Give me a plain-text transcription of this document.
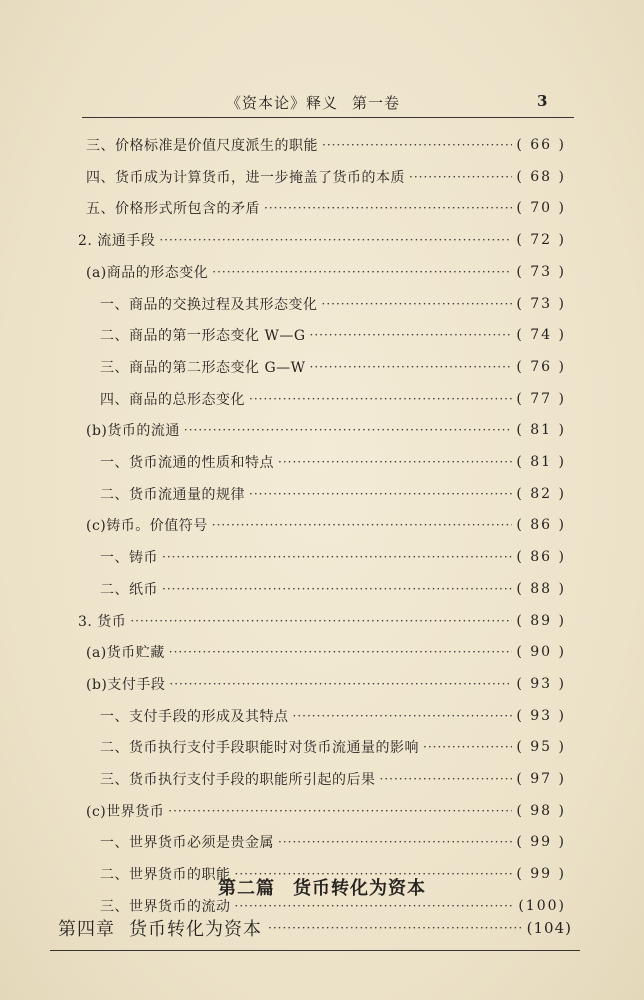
《资本论》释义 第一卷	3
三、价格标准是价值尺度派生的职能 ·····	( 66 )
四、货币成为计算货币，进一步掩盖了货币的本质 ·····	( 68 )
五、价格形式所包含的矛盾 ·····	( 70 )
2. 流通手段 ·····	( 72 )
(a)商品的形态变化 ·····	( 73 )
一、商品的交换过程及其形态变化 ·····	( 73 )
二、商品的第一形态变化 W—G ·····	( 74 )
三、商品的第二形态变化 G—W ·····	( 76 )
四、商品的总形态变化 ·····	( 77 )
(b)货币的流通 ·····	( 81 )
一、货币流通的性质和特点 ·····	( 81 )
二、货币流通量的规律 ·····	( 82 )
(c)铸币。价值符号 ·····	( 86 )
一、铸币 ·····	( 86 )
二、纸币 ·····	( 88 )
3. 货币 ·····	( 89 )
(a)货币贮藏 ·····	( 90 )
(b)支付手段 ·····	( 93 )
一、支付手段的形成及其特点 ·····	( 93 )
二、货币执行支付手段职能时对货币流通量的影响 ·····	( 95 )
三、货币执行支付手段的职能所引起的后果 ·····	( 97 )
(c)世界货币 ·····	( 98 )
一、世界货币必须是贵金属 ·····	( 99 )
二、世界货币的职能 ·····	( 99 )
三、世界货币的流动 ·····	(100)
第二篇 货币转化为资本
第四章 货币转化为资本 ·····	(104)
